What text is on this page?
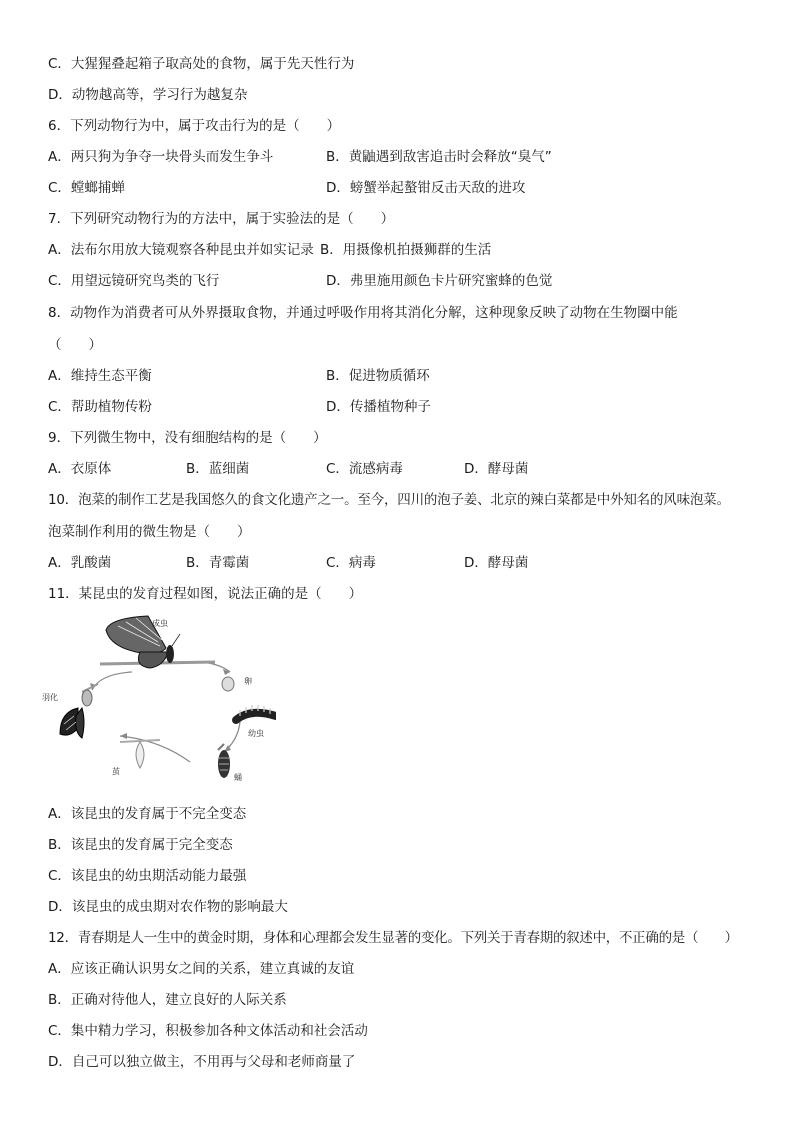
C．大猩猩叠起箱子取高处的食物，属于先天性行为
D．动物越高等，学习行为越复杂
6．下列动物行为中，属于攻击行为的是（　　）
A．两只狗为争夺一块骨头而发生争斗	B．黄鼬遇到敌害追击时会释放“臭气”
C．螳螂捕蝉	D．螃蟹举起螯钳反击天敌的进攻
7．下列研究动物行为的方法中，属于实验法的是（　　）
A．法布尔用放大镜观察各种昆虫并如实记录 B．用摄像机拍摄狮群的生活
C．用望远镜研究鸟类的飞行	D．弗里施用颜色卡片研究蜜蜂的色觉
8．动物作为消费者可从外界摄取食物，并通过呼吸作用将其消化分解，这种现象反映了动物在生物圈中能
（　　）
A．维持生态平衡	B．促进物质循环
C．帮助植物传粉	D．传播植物种子
9．下列微生物中，没有细胞结构的是（　　）
A．衣原体	B．蓝细菌	C．流感病毒	D．酵母菌
10．泡菜的制作工艺是我国悠久的食文化遗产之一。至今，四川的泡子姜、北京的辣白菜都是中外知名的风味泡菜。
泡菜制作利用的微生物是（　　）
A．乳酸菌	B．青霉菌	C．病毒	D．酵母菌
11．某昆虫的发育过程如图，说法正确的是（　　）
成虫
卵
幼虫
蛹
茧
羽化
A．该昆虫的发育属于不完全变态
B．该昆虫的发育属于完全变态
C．该昆虫的幼虫期活动能力最强
D．该昆虫的成虫期对农作物的影响最大
12．青春期是人一生中的黄金时期，身体和心理都会发生显著的变化。下列关于青春期的叙述中，不正确的是（　　）
A．应该正确认识男女之间的关系，建立真诚的友谊
B．正确对待他人，建立良好的人际关系
C．集中精力学习，积极参加各种文体活动和社会活动
D．自己可以独立做主，不用再与父母和老师商量了
